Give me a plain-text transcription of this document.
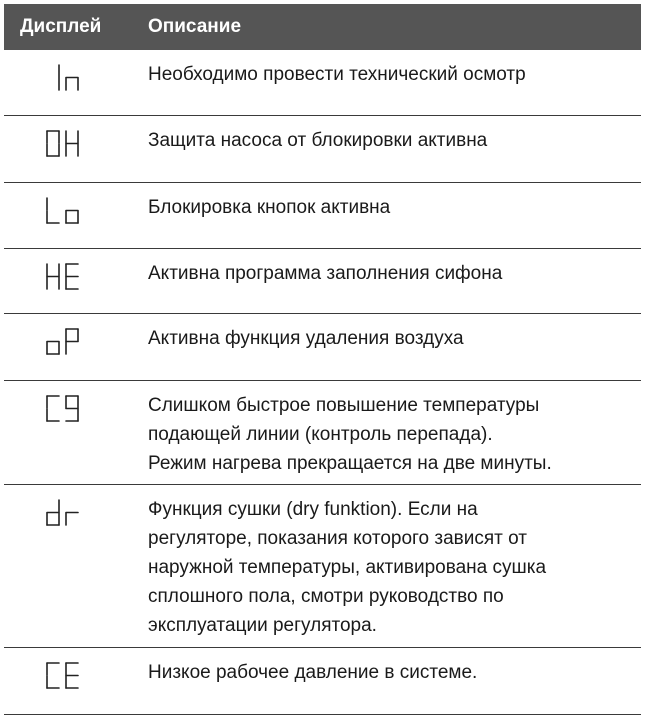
Дисплей	Описание
Необходимо провести технический осмотр
Защита насоса от блокировки активна
Блокировка кнопок активна
Активна программа заполнения сифона
Активна функция удаления воздуха
Слишком быстрое повышение температуры
подающей линии (контроль перепада).
Режим нагрева прекращается на две минуты.
Функция сушки (dry funktion). Если на
регуляторе, показания которого зависят от
наружной температуры, активирована сушка
сплошного пола, смотри руководство по
эксплуатации регулятора.
Низкое рабочее давление в системе.
